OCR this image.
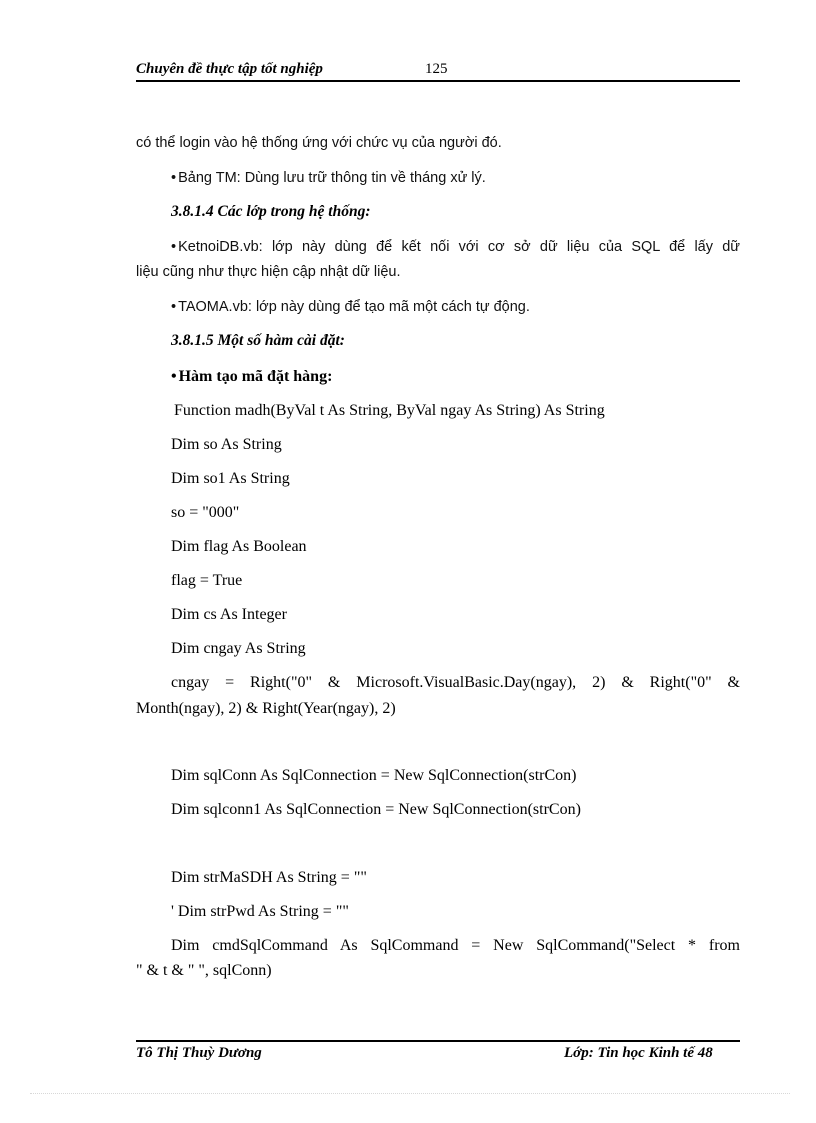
Chuyên đề thực tập tốt nghiệp	125
có thể login vào hệ thống ứng với chức vụ của người đó.
• Bảng TM: Dùng lưu trữ thông tin về tháng xử lý.
3.8.1.4 Các lớp trong hệ thống:
• KetnoiDB.vb: lớp này dùng để kết nối với cơ sở dữ liệu của SQL để lấy dữ
liệu cũng như thực hiện cập nhật dữ liệu.
• TAOMA.vb: lớp này dùng để tạo mã một cách tự động.
3.8.1.5 Một số hàm cài đặt:
• Hàm tạo mã đặt hàng:
Function madh(ByVal t As String, ByVal ngay As String) As String
Dim so As String
Dim so1 As String
so = "000"
Dim flag As Boolean
flag = True
Dim cs As Integer
Dim cngay As String
cngay = Right("0" & Microsoft.VisualBasic.Day(ngay), 2) & Right("0" &
Month(ngay), 2) & Right(Year(ngay), 2)
Dim sqlConn As SqlConnection = New SqlConnection(strCon)
Dim sqlconn1 As SqlConnection = New SqlConnection(strCon)
Dim strMaSDH As String = ""
' Dim strPwd As String = ""
Dim cmdSqlCommand As SqlCommand = New SqlCommand("Select * from
" & t & " ", sqlConn)
Tô Thị Thuỳ Dương	Lớp: Tin học Kinh tế 48
